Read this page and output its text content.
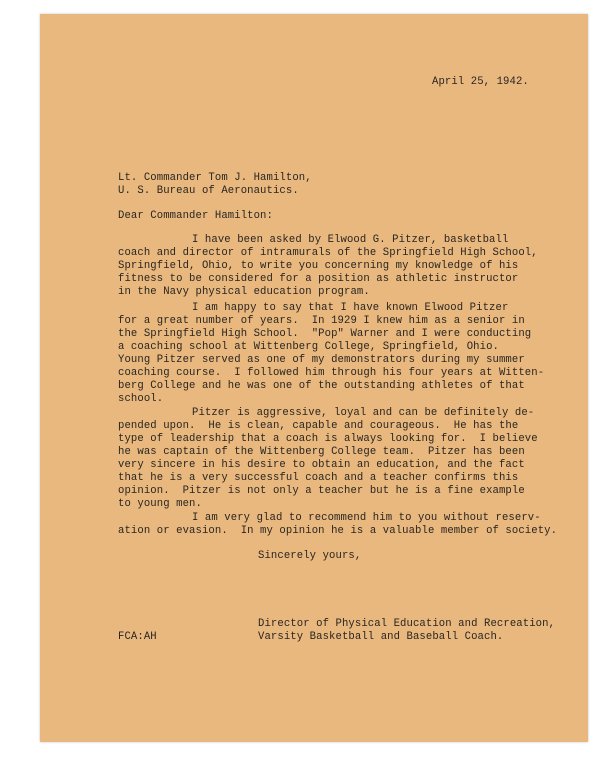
April 25, 1942.
Lt. Commander Tom J. Hamilton,
U. S. Bureau of Aeronautics.
Dear Commander Hamilton:
I have been asked by Elwood G. Pitzer, basketball
coach and director of intramurals of the Springfield High School,
Springfield, Ohio, to write you concerning my knowledge of his
fitness to be considered for a position as athletic instructor
in the Navy physical education program.
I am happy to say that I have known Elwood Pitzer
for a great number of years.  In 1929 I knew him as a senior in
the Springfield High School.  "Pop" Warner and I were conducting
a coaching school at Wittenberg College, Springfield, Ohio.
Young Pitzer served as one of my demonstrators during my summer
coaching course.  I followed him through his four years at Witten-
berg College and he was one of the outstanding athletes of that
school.
Pitzer is aggressive, loyal and can be definitely de-
pended upon.  He is clean, capable and courageous.  He has the
type of leadership that a coach is always looking for.  I believe
he was captain of the Wittenberg College team.  Pitzer has been
very sincere in his desire to obtain an education, and the fact
that he is a very successful coach and a teacher confirms this
opinion.  Pitzer is not only a teacher but he is a fine example
to young men.
I am very glad to recommend him to you without reserv-
ation or evasion.  In my opinion he is a valuable member of society.
Sincerely yours,
Director of Physical Education and Recreation,
Varsity Basketball and Baseball Coach.
FCA:AH
